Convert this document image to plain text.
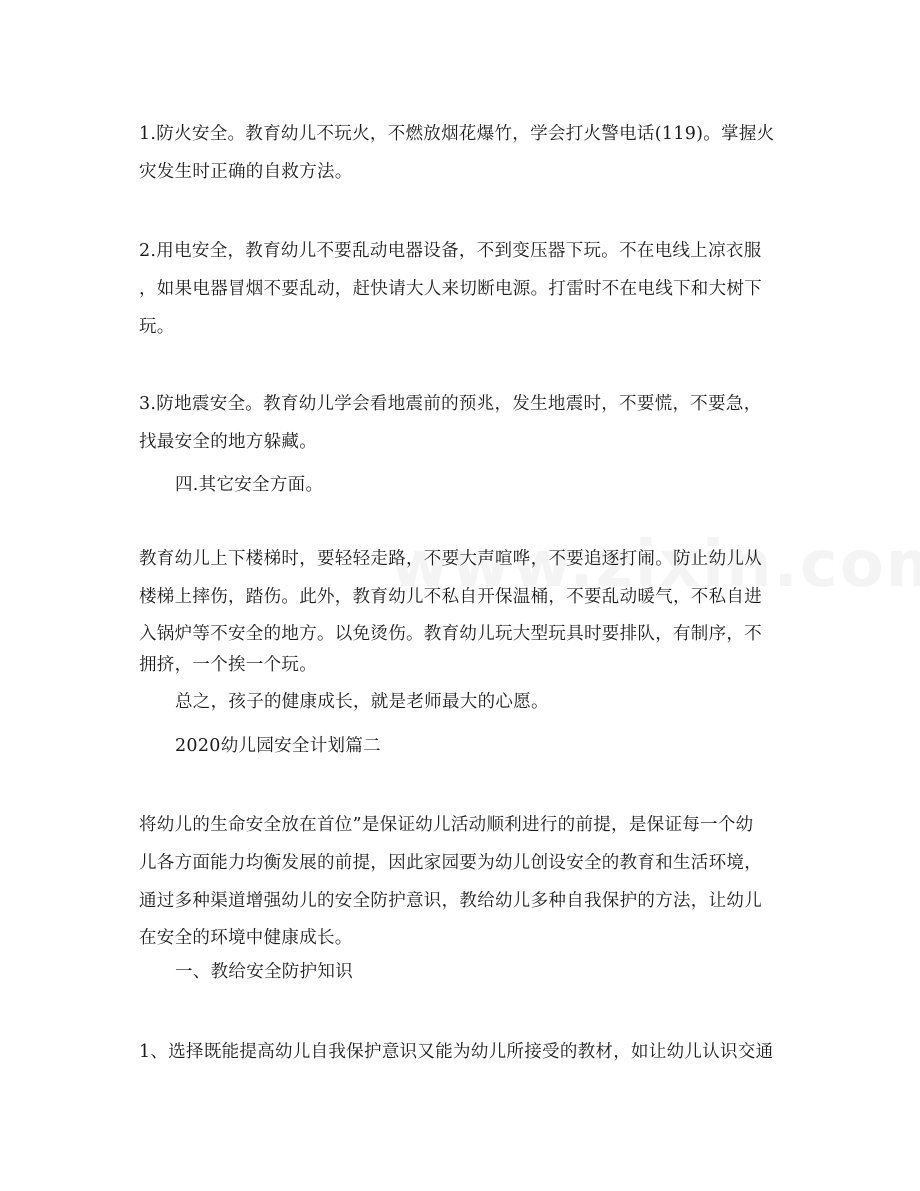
1.防火安全。教育幼儿不玩火，不燃放烟花爆竹，学会打火警电话(119)。掌握火
灾发生时正确的自救方法。
2.用电安全，教育幼儿不要乱动电器设备，不到变压器下玩。不在电线上凉衣服
，如果电器冒烟不要乱动，赶快请大人来切断电源。打雷时不在电线下和大树下
玩。
3.防地震安全。教育幼儿学会看地震前的预兆，发生地震时，不要慌，不要急，
找最安全的地方躲藏。
四.其它安全方面。
教育幼儿上下楼梯时，要轻轻走路，不要大声喧哗，不要追逐打闹。防止幼儿从
楼梯上摔伤，踏伤。此外，教育幼儿不私自开保温桶，不要乱动暖气，不私自进
入锅炉等不安全的地方。以免烫伤。教育幼儿玩大型玩具时要排队，有制序，不
拥挤，一个挨一个玩。
总之，孩子的健康成长，就是老师最大的心愿。
2020幼儿园安全计划篇二
将幼儿的生命安全放在首位”是保证幼儿活动顺利进行的前提，是保证每一个幼
儿各方面能力均衡发展的前提，因此家园要为幼儿创设安全的教育和生活环境，
通过多种渠道增强幼儿的安全防护意识，教给幼儿多种自我保护的方法，让幼儿
在安全的环境中健康成长。
一、教给安全防护知识
1、选择既能提高幼儿自我保护意识又能为幼儿所接受的教材，如让幼儿认识交通
